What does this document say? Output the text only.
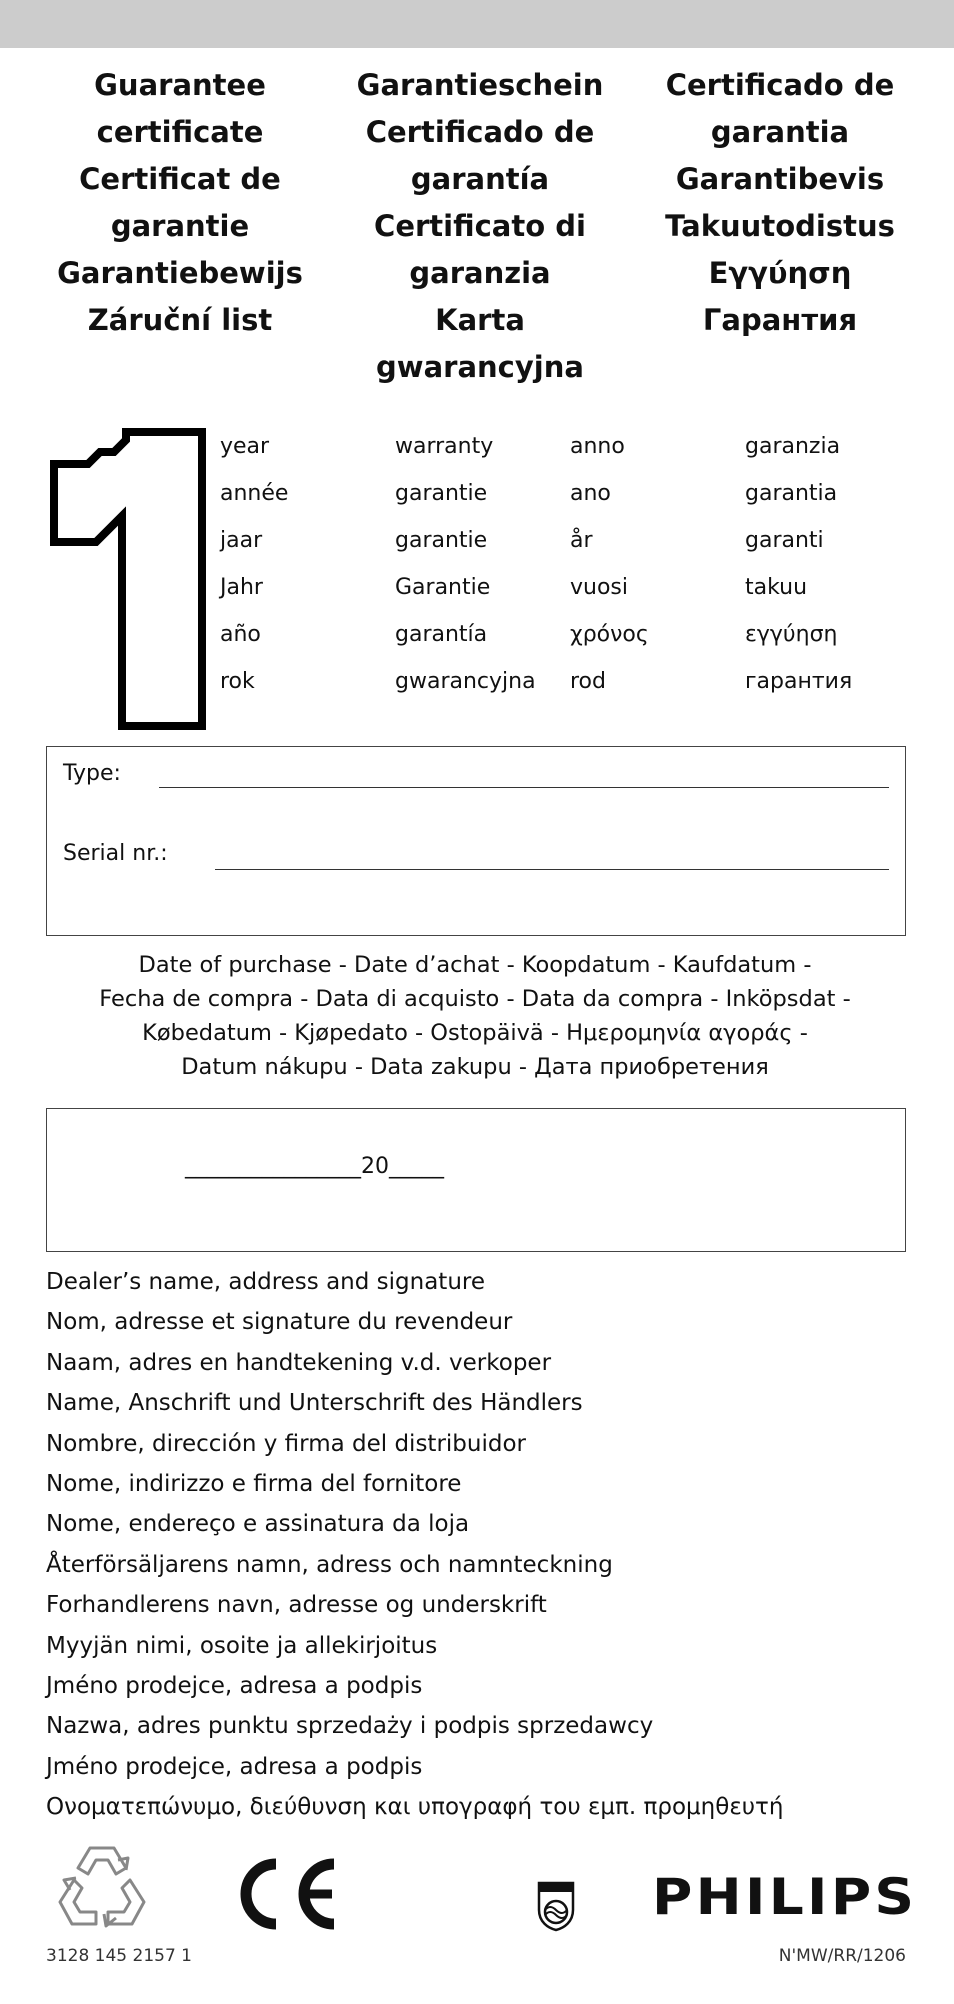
Guarantee
certificate
Certificat de
garantie
Garantiebewijs
Záruční list
Garantieschein
Certificado de
garantía
Certificato di
garanzia
Karta
gwarancyjna
Certificado de
garantia
Garantibevis
Takuutodistus
Εγγύηση
Гарантия
year	warranty	anno	garanzia
année	garantie	ano	garantia
jaar	garantie	år	garanti
Jahr	Garantie	vuosi	takuu
año	garantía	χρόνος	εγγύηση
rok	gwarancyjna	rod	гарантия
Type:
Serial nr.:
Date of purchase - Date d’achat - Koopdatum - Kaufdatum -
Fecha de compra - Data di acquisto - Data da compra - Inköpsdat -
Købedatum - Kjøpedato - Ostopäivä - Ημερομηνία αγοράς -
Datum nákupu - Data zakupu - Дата приобретения
________________20_____
Dealer’s name, address and signature
Nom, adresse et signature du revendeur
Naam, adres en handtekening v.d. verkoper
Name, Anschrift und Unterschrift des Händlers
Nombre, dirección y firma del distribuidor
Nome, indirizzo e firma del fornitore
Nome, endereço e assinatura da loja
Återförsäljarens namn, adress och namnteckning
Forhandlerens navn, adresse og underskrift
Myyjän nimi, osoite ja allekirjoitus
Jméno prodejce, adresa a podpis
Nazwa, adres punktu sprzedaży i podpis sprzedawcy
Jméno prodejce, adresa a podpis
Ονοματεπώνυμο, διεύθυνση και υπογραφή του εμπ. προμηθευτή
PHILIPS
3128 145 2157 1	N'MW/RR/1206
